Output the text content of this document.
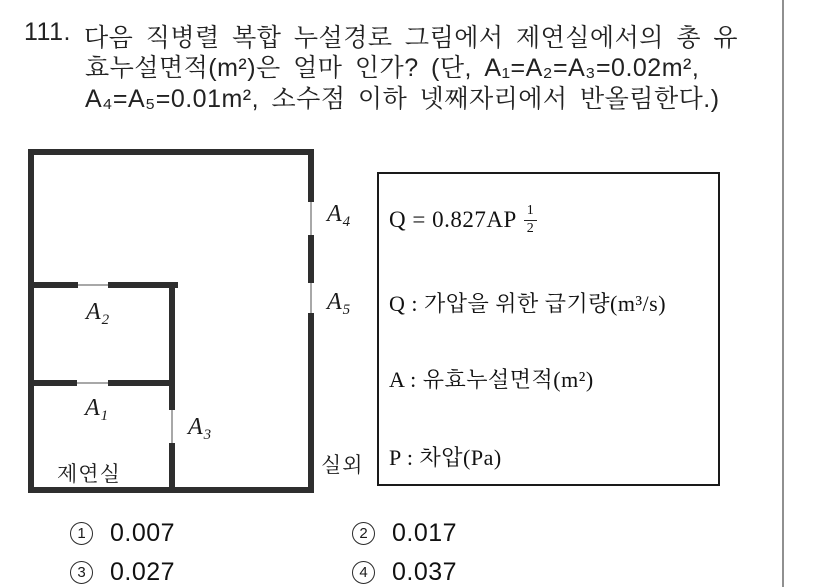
111. 다음 직병렬 복합 누설경로 그림에서 제연실에서의 총 유
효누설면적(m²)은 얼마 인가? (단, A₁=A₂=A₃=0.02m²,
A₄=A₅=0.01m², 소수점 이하 넷째자리에서 반올림한다.)
$A_2$
$A_1$	$A_3$
$A_4$
$A_5$
제연실	실외
$Q = 0.827AP \frac{1}{2}$
Q : 가압을 위한 급기량(m³/s)
A : 유효누설면적(m²)
P : 차압(Pa)
1 0.007	2 0.017
3 0.027	4 0.037
